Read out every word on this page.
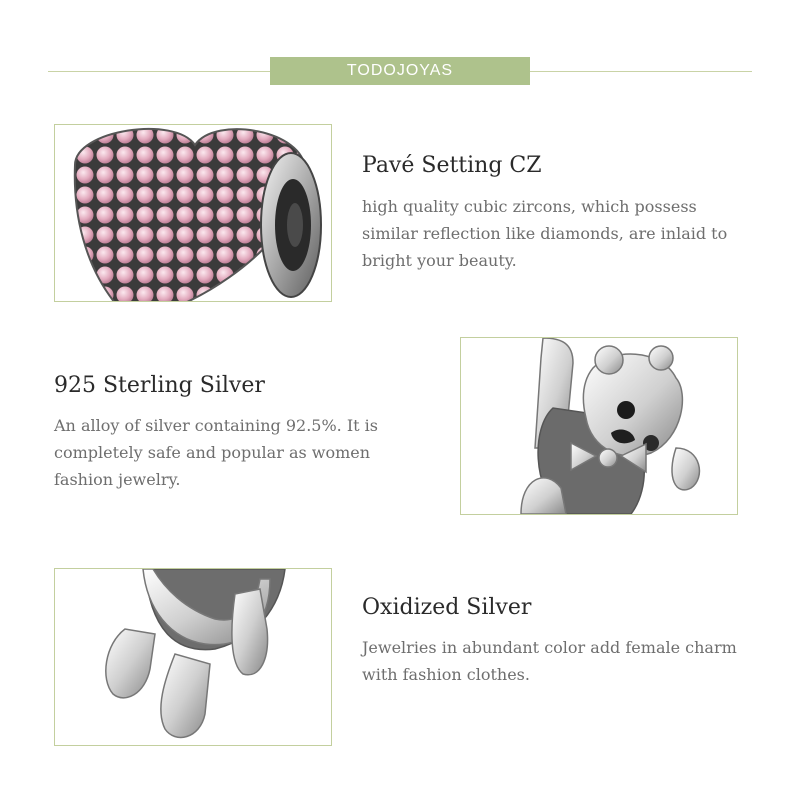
TODOJOYAS
Pavé Setting CZ

high quality cubic zircons, which possess similar reflection like diamonds, are inlaid to bright your beauty.

925 Sterling Silver

An alloy of silver containing 92.5%. It is completely safe and popular as women fashion jewelry.

Oxidized Silver

Jewelries in abundant color add female charm with fashion clothes.
